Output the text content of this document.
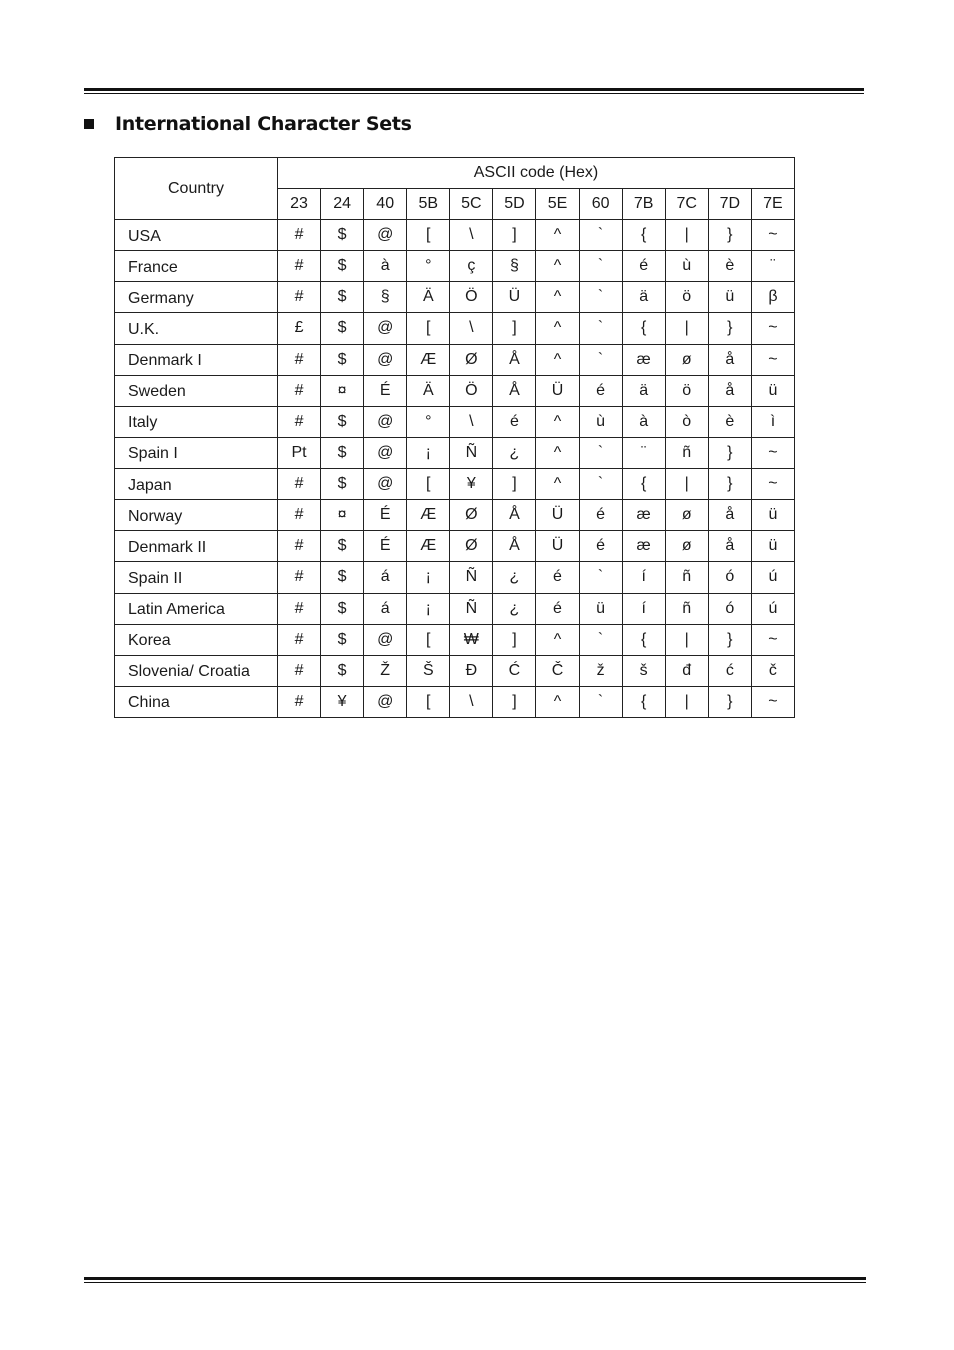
International Character Sets
Country	ASCII code (Hex)											
	23	24	40	5B	5C	5D	5E	60	7B	7C	7D	7E
USA	#	$	@	[	\	]	^	`	{	|	}	~
France	#	$	à	°	ç	§	^	`	é	ù	è	¨
Germany	#	$	§	Ä	Ö	Ü	^	`	ä	ö	ü	β
U.K.	£	$	@	[	\	]	^	`	{	|	}	~
Denmark I	#	$	@	Æ	Ø	Å	^	`	æ	ø	å	~
Sweden	#	¤	É	Ä	Ö	Å	Ü	é	ä	ö	å	ü
Italy	#	$	@	°	\	é	^	ù	à	ò	è	ì
Spain I	Pt	$	@	¡	Ñ	¿	^	`	¨	ñ	}	~
Japan	#	$	@	[	¥	]	^	`	{	|	}	~
Norway	#	¤	É	Æ	Ø	Å	Ü	é	æ	ø	å	ü
Denmark II	#	$	É	Æ	Ø	Å	Ü	é	æ	ø	å	ü
Spain II	#	$	á	¡	Ñ	¿	é	`	í	ñ	ó	ú
Latin America	#	$	á	¡	Ñ	¿	é	ü	í	ñ	ó	ú
Korea	#	$	@	[	₩	]	^	`	{	|	}	~
Slovenia/ Croatia	#	$	Ž	Š	Đ	Ć	Č	ž	š	đ	ć	č
China	#	¥	@	[	\	]	^	`	{	|	}	~
